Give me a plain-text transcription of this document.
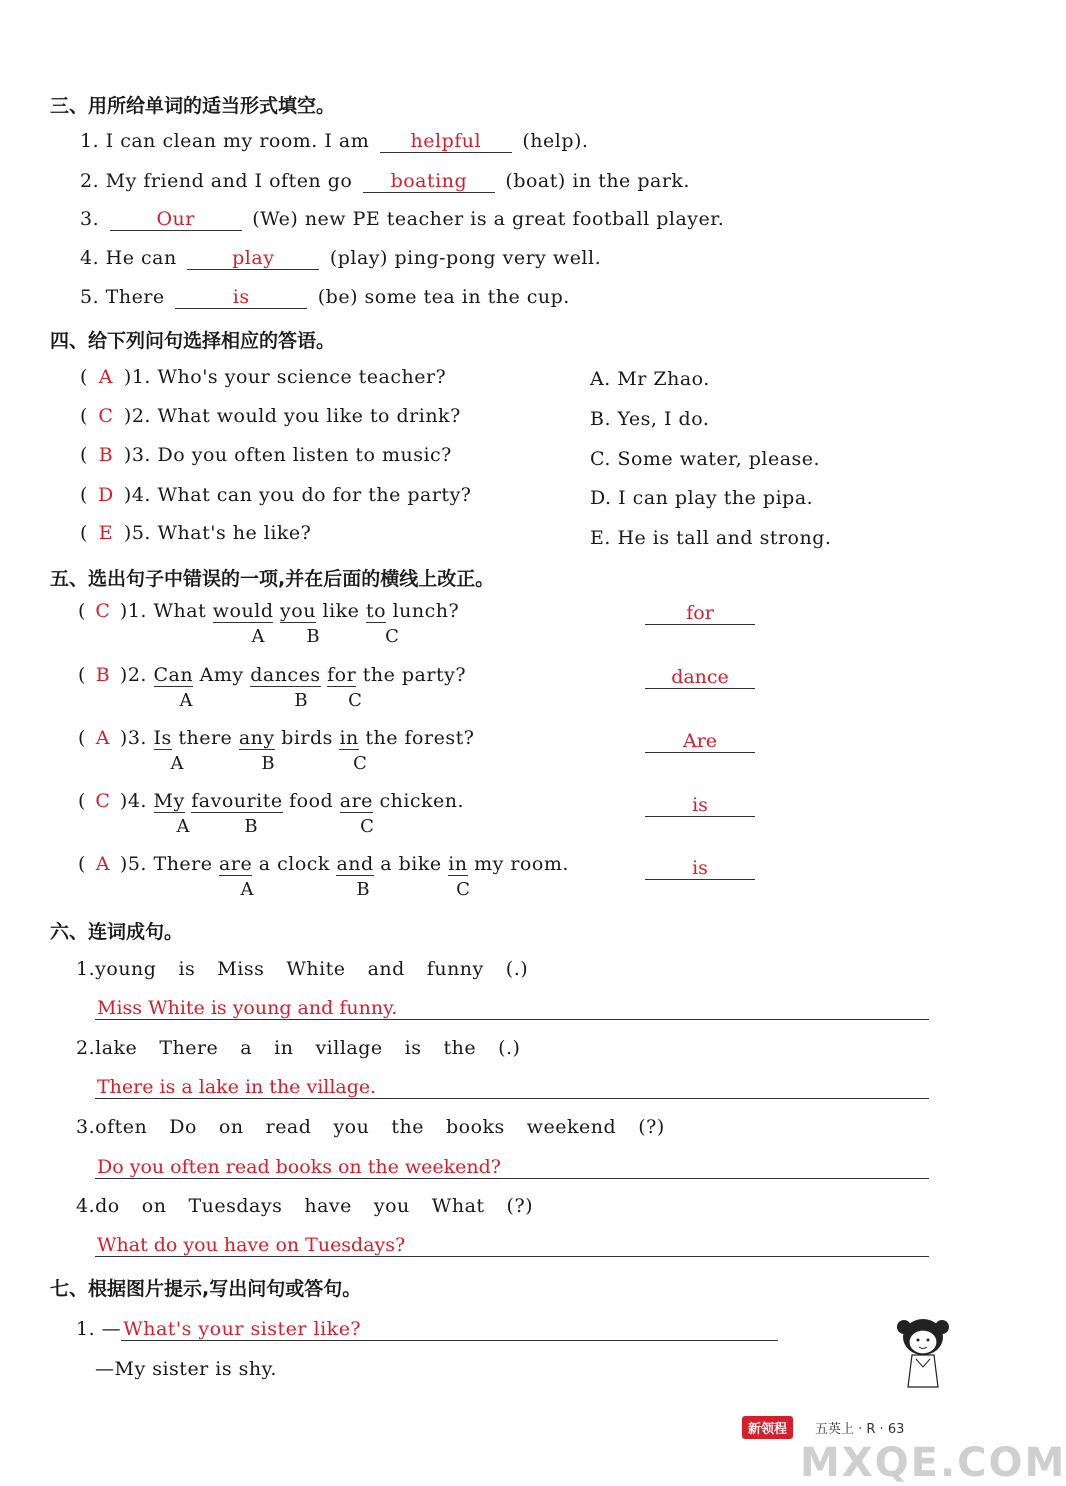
三、用所给单词的适当形式填空。
1. I can clean my room. I am helpful (help).
2. My friend and I often go boating (boat) in the park.
3.	Our	(We) new PE teacher is a great football player.
4. He can	play	(play) ping-pong very well.
5. There	is	(be) some tea in the cup.
四、给下列问句选择相应的答语。
( A )1. Who's your science teacher?	A. Mr Zhao.
( C )2. What would you like to drink?	B. Yes, I do.
( B )3. Do you often listen to music?	C. Some water, please.
( D )4. What can you do for the party?	D. I can play the pipa.
( E )5. What's he like?	E. He is tall and strong.
五、选出句子中错误的一项,并在后面的横线上改正。
( C )1. What would you like to lunch?
A	B	C
for
( B )2. Can Amy dances for the party?
A	B	C
dance
( A )3. Is there any birds in the forest?
A	B	C
Are
( C )4. My favourite food are chicken.
A	B	C
is
( A )5. There are a clock and a bike in my room.
A	B	C
is
六、连词成句。
1.young is Miss White and funny (.)
Miss White is young and funny.
2.lake There a in village is the (.)
There is a lake in the village.
3.often Do on read you the books weekend (?)
Do you often read books on the weekend?
4.do on Tuesdays have you What (?)
What do you have on Tuesdays?
七、根据图片提示,写出问句或答句。
1. — What's your sister like?
—My sister is shy.
新领程	五英上 · R · 63
MXQE.COM
